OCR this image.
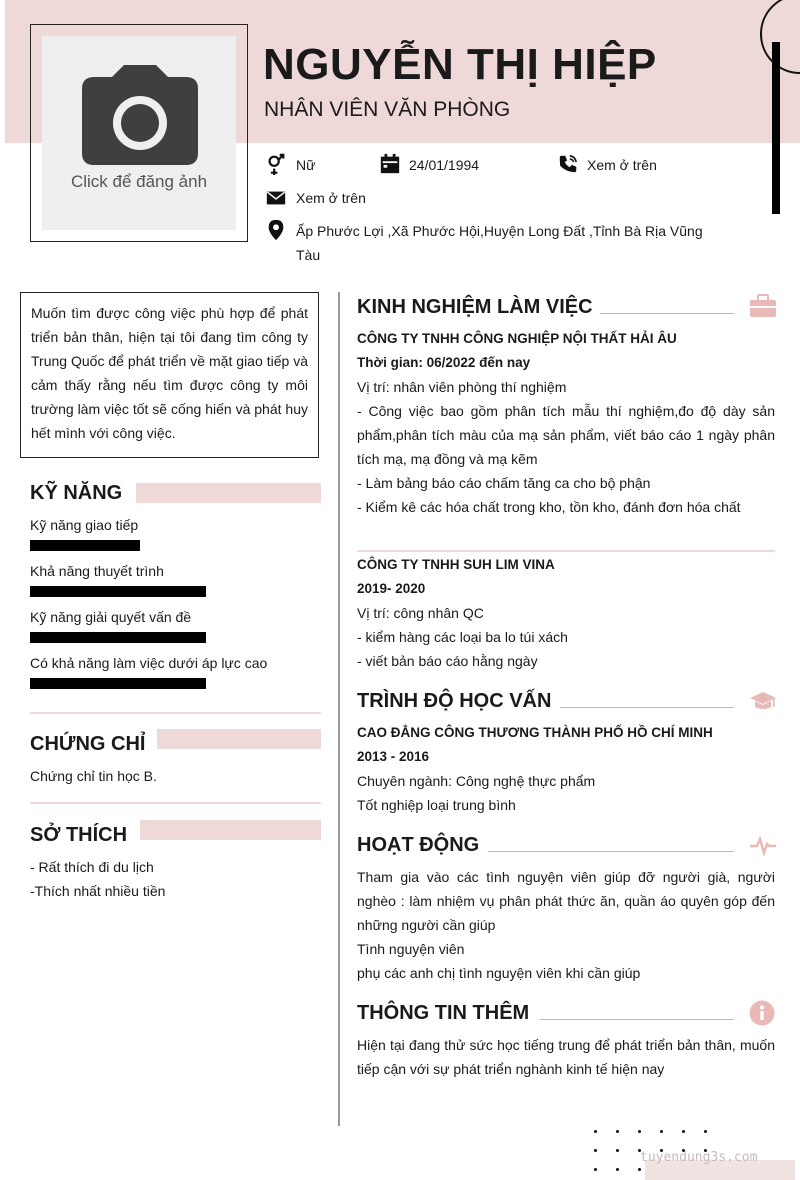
Click để đăng ảnh
NGUYỄN THỊ HIỆP
NHÂN VIÊN VĂN PHÒNG
Nữ	24/01/1994	Xem ở trên
Xem ở trên
Ấp Phước Lợi ,Xã Phước Hội,Huyện Long Đất ,Tỉnh Bà Rịa Vũng
Tàu
Muốn tìm được công việc phù hợp để phát triển bản thân, hiện tại tôi đang tìm công ty Trung Quốc để phát triển về mặt giao tiếp và cảm thấy rằng nếu tìm được công ty môi trường làm việc tốt sẽ cống hiến và phát huy hết mình với công việc.
KỸ NĂNG
Kỹ năng giao tiếp
Khả năng thuyết trình
Kỹ năng giải quyết vấn đề
Có khả năng làm việc dưới áp lực cao
CHỨNG CHỈ
Chứng chỉ tin học B.
SỞ THÍCH
- Rất thích đi du lịch
-Thích nhất nhiều tiền
KINH NGHIỆM LÀM VIỆC
CÔNG TY TNHH CÔNG NGHIỆP NỘI THẤT HẢI ÂU
Thời gian: 06/2022 đến nay
Vị trí: nhân viên phòng thí nghiệm
- Công việc bao gồm phân tích mẫu thí nghiệm,đo độ dày sản phẩm,phân tích màu của mạ sản phẩm, viết báo cáo 1 ngày phân tích mạ, mạ đồng và mạ kẽm
- Làm bảng báo cáo chấm tăng ca cho bộ phận
- Kiểm kê các hóa chất trong kho, tồn kho, đánh đơn hóa chất
CÔNG TY TNHH SUH LIM VINA
2019- 2020
Vị trí: công nhân QC
- kiểm hàng các loại ba lo túi xách
- viết bản báo cáo hằng ngày
TRÌNH ĐỘ HỌC VẤN
CAO ĐẲNG CÔNG THƯƠNG THÀNH PHỐ HỒ CHÍ MINH
2013 - 2016
Chuyên ngành: Công nghệ thực phẩm
Tốt nghiệp loại trung bình
HOẠT ĐỘNG
Tham gia vào các tình nguyện viên giúp đỡ người già, người nghèo : làm nhiệm vụ phân phát thức ăn, quần áo quyên góp đến những người cần giúp
Tình nguyện viên
phụ các anh chị tình nguyện viên khi cần giúp
THÔNG TIN THÊM
Hiện tại đang thử sức học tiếng trung để phát triển bản thân, muốn tiếp cận với sự phát triển nghành kinh tế hiện nay
tuyendung3s.com
